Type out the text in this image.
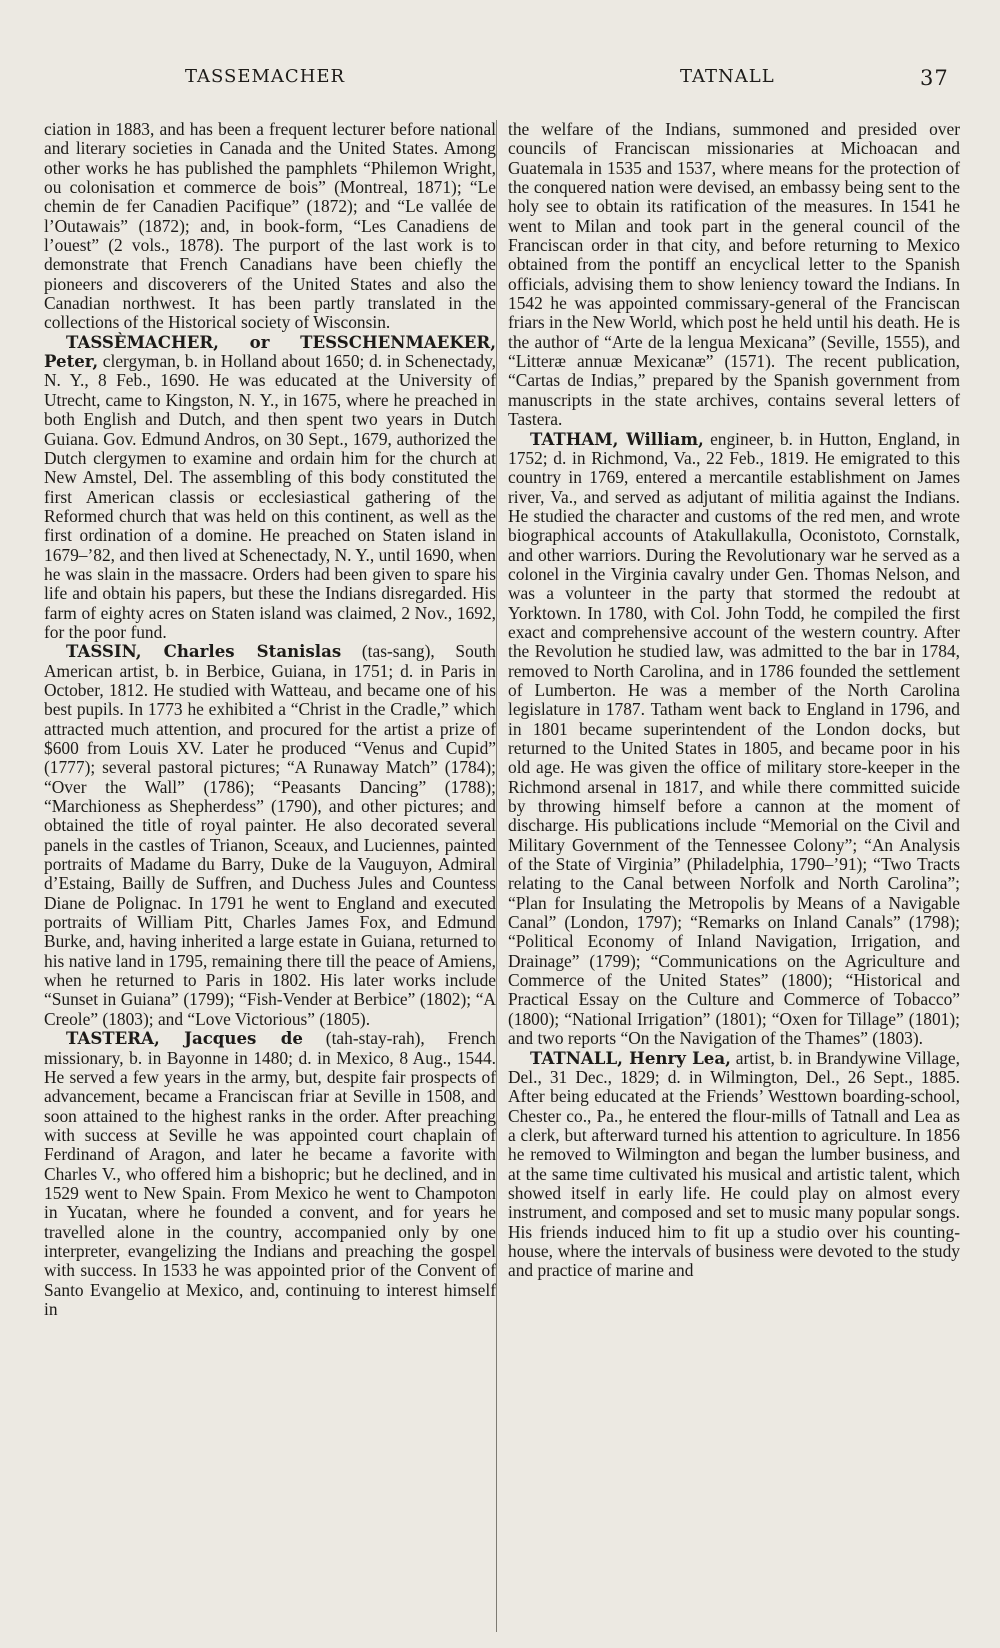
TASSEMACHER	TATNALL	37

ciation in 1883, and has been a frequent lecturer before national and literary societies in Canada and the United States. Among other works he has published the pamphlets “Philemon Wright, ou colonisation et commerce de bois” (Montreal, 1871); “Le chemin de fer Canadien Pacifique” (1872); and “Le vallée de l’Outawais” (1872); and, in book-form, “Les Canadiens de l’ouest” (2 vols., 1878). The purport of the last work is to demonstrate that French Canadians have been chiefly the pioneers and discoverers of the United States and also the Canadian northwest. It has been partly translated in the collections of the Historical society of Wisconsin.

TASSÈMACHER, or TESSCHENMAEKER, Peter, clergyman, b. in Holland about 1650; d. in Schenectady, N. Y., 8 Feb., 1690. He was educated at the University of Utrecht, came to Kingston, N. Y., in 1675, where he preached in both English and Dutch, and then spent two years in Dutch Guiana. Gov. Edmund Andros, on 30 Sept., 1679, authorized the Dutch clergymen to examine and ordain him for the church at New Amstel, Del. The assembling of this body constituted the first American classis or ecclesiastical gathering of the Reformed church that was held on this continent, as well as the first ordination of a domine. He preached on Staten island in 1679–’82, and then lived at Schenectady, N. Y., until 1690, when he was slain in the massacre. Orders had been given to spare his life and obtain his papers, but these the Indians disregarded. His farm of eighty acres on Staten island was claimed, 2 Nov., 1692, for the poor fund.

TASSIN, Charles Stanislas (tas-sang), South American artist, b. in Berbice, Guiana, in 1751; d. in Paris in October, 1812. He studied with Watteau, and became one of his best pupils. In 1773 he exhibited a “Christ in the Cradle,” which attracted much attention, and procured for the artist a prize of $600 from Louis XV. Later he produced “Venus and Cupid” (1777); several pastoral pictures; “A Runaway Match” (1784); “Over the Wall” (1786); “Peasants Dancing” (1788); “Marchioness as Shepherdess” (1790), and other pictures; and obtained the title of royal painter. He also decorated several panels in the castles of Trianon, Sceaux, and Luciennes, painted portraits of Madame du Barry, Duke de la Vauguyon, Admiral d’Estaing, Bailly de Suffren, and Duchess Jules and Countess Diane de Polignac. In 1791 he went to England and executed portraits of William Pitt, Charles James Fox, and Edmund Burke, and, having inherited a large estate in Guiana, returned to his native land in 1795, remaining there till the peace of Amiens, when he returned to Paris in 1802. His later works include “Sunset in Guiana” (1799); “Fish-Vender at Berbice” (1802); “A Creole” (1803); and “Love Victorious” (1805).

TASTERA, Jacques de (tah-stay-rah), French missionary, b. in Bayonne in 1480; d. in Mexico, 8 Aug., 1544. He served a few years in the army, but, despite fair prospects of advancement, became a Franciscan friar at Seville in 1508, and soon attained to the highest ranks in the order. After preaching with success at Seville he was appointed court chaplain of Ferdinand of Aragon, and later he became a favorite with Charles V., who offered him a bishopric; but he declined, and in 1529 went to New Spain. From Mexico he went to Champoton in Yucatan, where he founded a convent, and for years he travelled alone in the country, accompanied only by one interpreter, evangelizing the Indians and preaching the gospel with success. In 1533 he was appointed prior of the Convent of Santo Evangelio at Mexico, and, continuing to interest himself in

the welfare of the Indians, summoned and presided over councils of Franciscan missionaries at Michoacan and Guatemala in 1535 and 1537, where means for the protection of the conquered nation were devised, an embassy being sent to the holy see to obtain its ratification of the measures. In 1541 he went to Milan and took part in the general council of the Franciscan order in that city, and before returning to Mexico obtained from the pontiff an encyclical letter to the Spanish officials, advising them to show leniency toward the Indians. In 1542 he was appointed commissary-general of the Franciscan friars in the New World, which post he held until his death. He is the author of “Arte de la lengua Mexicana” (Seville, 1555), and “Litteræ annuæ Mexicanæ” (1571). The recent publication, “Cartas de Indias,” prepared by the Spanish government from manuscripts in the state archives, contains several letters of Tastera.

TATHAM, William, engineer, b. in Hutton, England, in 1752; d. in Richmond, Va., 22 Feb., 1819. He emigrated to this country in 1769, entered a mercantile establishment on James river, Va., and served as adjutant of militia against the Indians. He studied the character and customs of the red men, and wrote biographical accounts of Atakullakulla, Oconistoto, Cornstalk, and other warriors. During the Revolutionary war he served as a colonel in the Virginia cavalry under Gen. Thomas Nelson, and was a volunteer in the party that stormed the redoubt at Yorktown. In 1780, with Col. John Todd, he compiled the first exact and comprehensive account of the western country. After the Revolution he studied law, was admitted to the bar in 1784, removed to North Carolina, and in 1786 founded the settlement of Lumberton. He was a member of the North Carolina legislature in 1787. Tatham went back to England in 1796, and in 1801 became superintendent of the London docks, but returned to the United States in 1805, and became poor in his old age. He was given the office of military store-keeper in the Richmond arsenal in 1817, and while there committed suicide by throwing himself before a cannon at the moment of discharge. His publications include “Memorial on the Civil and Military Government of the Tennessee Colony”; “An Analysis of the State of Virginia” (Philadelphia, 1790–’91); “Two Tracts relating to the Canal between Norfolk and North Carolina”; “Plan for Insulating the Metropolis by Means of a Navigable Canal” (London, 1797); “Remarks on Inland Canals” (1798); “Political Economy of Inland Navigation, Irrigation, and Drainage” (1799); “Communications on the Agriculture and Commerce of the United States” (1800); “Historical and Practical Essay on the Culture and Commerce of Tobacco” (1800); “National Irrigation” (1801); “Oxen for Tillage” (1801); and two reports “On the Navigation of the Thames” (1803).

TATNALL, Henry Lea, artist, b. in Brandywine Village, Del., 31 Dec., 1829; d. in Wilmington, Del., 26 Sept., 1885. After being educated at the Friends’ Westtown boarding-school, Chester co., Pa., he entered the flour-mills of Tatnall and Lea as a clerk, but afterward turned his attention to agriculture. In 1856 he removed to Wilmington and began the lumber business, and at the same time cultivated his musical and artistic talent, which showed itself in early life. He could play on almost every instrument, and composed and set to music many popular songs. His friends induced him to fit up a studio over his counting-house, where the intervals of business were devoted to the study and practice of marine and
